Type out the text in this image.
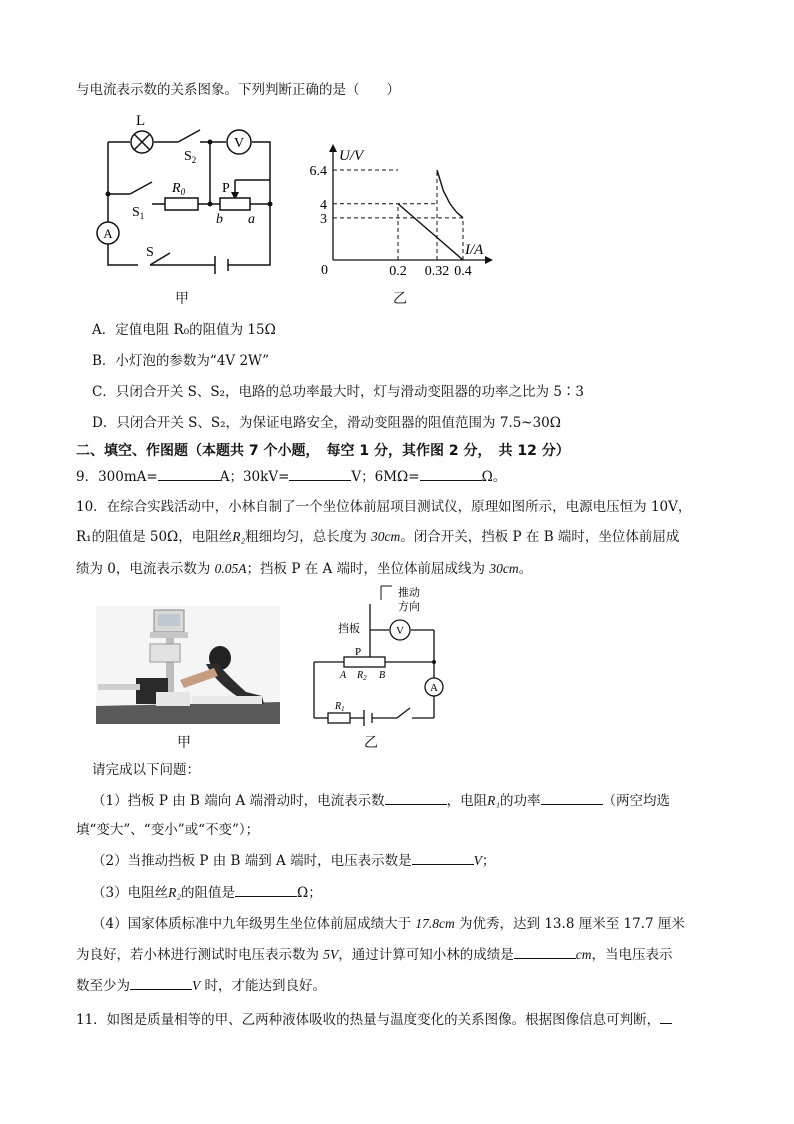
与电流表示数的关系图象。下列判断正确的是（　　）
V
A
L
$S_2$
$R_0$	P
$S_1$	b a
S
U/V
I/A
0
6.4
4
3
0.2 0.32 0.4
甲	乙
A．定值电阻 R₀的阻值为 15Ω
B．小灯泡的参数为“4V 2W”
C．只闭合开关 S、S₂，电路的总功率最大时，灯与滑动变阻器的功率之比为 5∶3
D．只闭合开关 S、S₂，为保证电路安全，滑动变阻器的阻值范围为 7.5~30Ω
二、填空、作图题（本题共 7 个小题，　每空 1 分，其作图 2 分，　共 12 分）
9．300mA=	A；30kV=	V；6MΩ=	Ω。
10．在综合实践活动中，小林自制了一个坐位体前屈项目测试仪，原理如图所示，电源电压恒为 10V，
R₁的阻值是 50Ω，电阻丝R₂粗细均匀，总长度为 30cm。闭合开关，挡板 P 在 B 端时，坐位体前屈成
绩为 0，电流表示数为 0.05A；挡板 P 在 A 端时，坐位体前屈成线为 30cm。
V
A
推动
方向
挡板
P
A $R_2$ B
$R_1$
甲	乙
请完成以下问题：
（1）挡板 P 由 B 端向 A 端滑动时，电流表示数	，电阻R₁的功率	（两空均选
填“变大”、“变小”或“不变”）；
（2）当推动挡板 P 由 B 端到 A 端时，电压表示数是	V；
（3）电阻丝R₂的阻值是	Ω；
（4）国家体质标准中九年级男生坐位体前屈成绩大于 17.8cm 为优秀，达到 13.8 厘米至 17.7 厘米
为良好，若小林进行测试时电压表示数为 5V，通过计算可知小林的成绩是	cm，当电压表示
数至少为	V 时，才能达到良好。
11．如图是质量相等的甲、乙两种液体吸收的热量与温度变化的关系图像。根据图像信息可判断，
